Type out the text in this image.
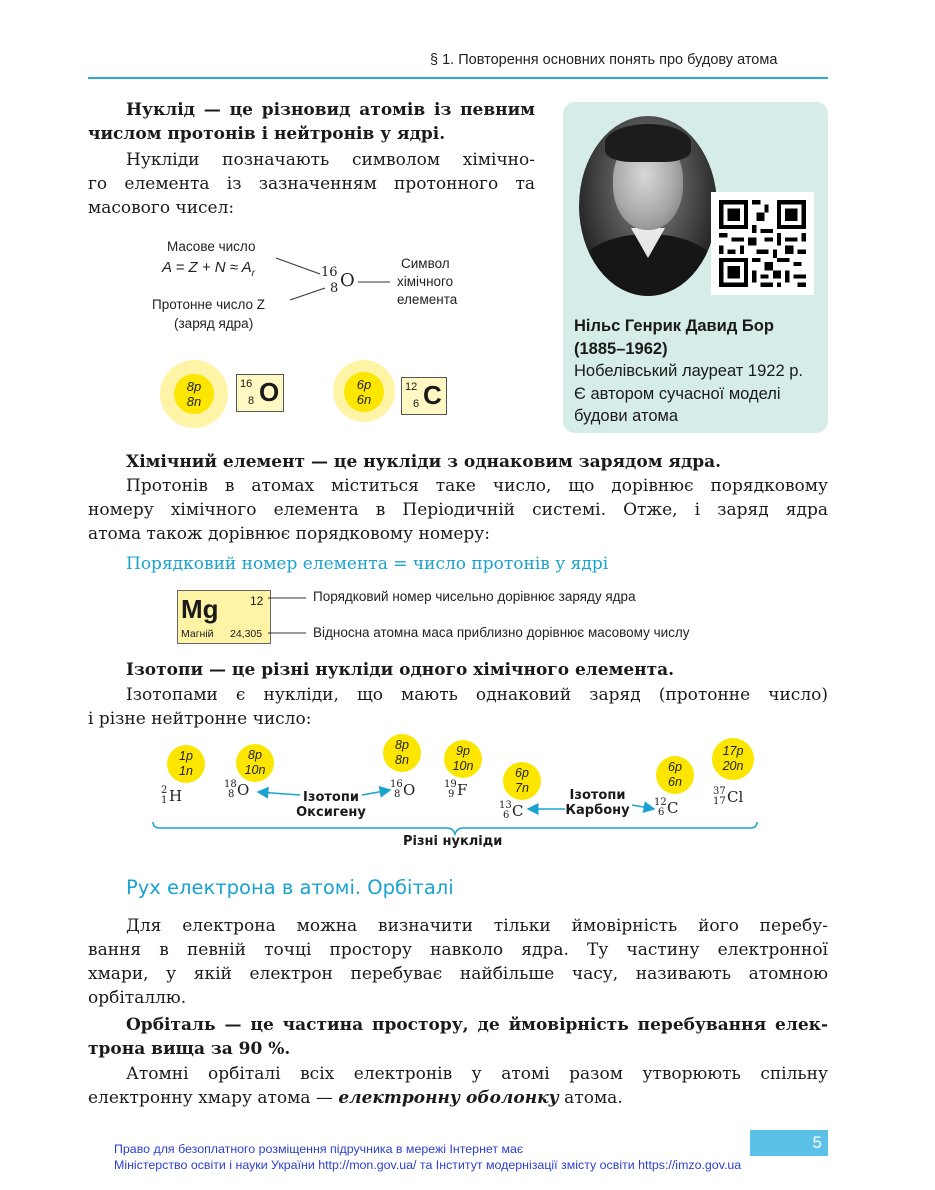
§ 1. Повторення основних понять про будову атома
Нуклід — це різновид атомів із певним
числом протонів і нейтронів у ядрі.
Нукліди позначають символом хімічно-
го елемента із зазначенням протонного та
масового чисел:
Масове число
$A = Z + N \approx A_r$
Протонне число Z
(заряд ядра)
16
8 O
Символ
хімічного
елемента
8p
8n
16
8 O	6p
6n
12
6 C
Нільс Генрик Давид Бор
(1885–1962)
Нобелівський лауреат 1922 р.
Є автором сучасної моделі
будови атома
Хімічний елемент — це нукліди з однаковим зарядом ядра.
Протонів в атомах міститься таке число, що дорівнює порядковому
номеру хімічного елемента в Періодичній системі. Отже, і заряд ядра
атома також дорівнює порядковому номеру:
Порядковий номер елемента = число протонів у ядрі
Mg	12
Магній 24,305
Порядковий номер чисельно дорівнює заряду ядра
Відносна атомна маса приблизно дорівнює масовому числу
Ізотопи — це різні нукліди одного хімічного елемента.
Ізотопами є нукліди, що мають однаковий заряд (протонне число)
і різне нейтронне число:
1p
1n
8p
10n
8p
8n
9p
10n	6p
7n
6p
6n
17p
20n
2
1 H
18
8 O	16
8 O	19
9 F
13
6 C	12
6 C
37
17 Cl
Ізотопи
Оксигену
Ізотопи
Карбону
Різні нукліди
Рух електрона в атомі. Орбіталі
Для електрона можна визначити тільки ймовірність його перебу-
вання в певній точці простору навколо ядра. Ту частину електронної
хмари, у якій електрон перебуває найбільше часу, називають атомною
орбіталлю.
Орбіталь — це частина простору, де ймовірність перебування елек-
трона вища за 90 %.
Атомні орбіталі всіх електронів у атомі разом утворюють спільну
електронну хмару атома — електронну оболонку атома.
5
Право для безоплатного розміщення підручника в мережі Інтернет має
Міністерство освіти і науки України http://mon.gov.ua/ та Інститут модернізації змісту освіти https://imzo.gov.ua
